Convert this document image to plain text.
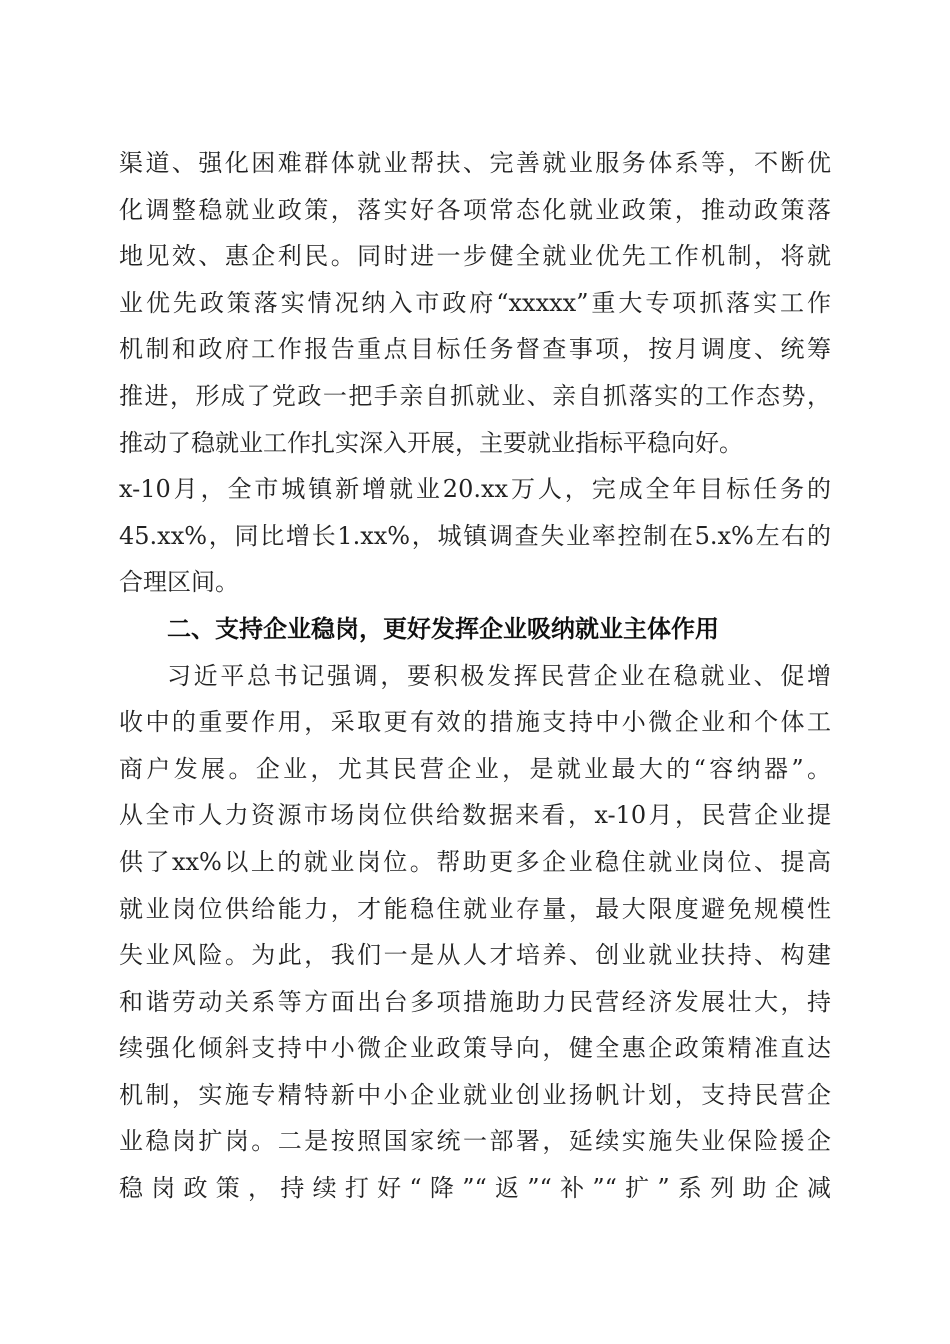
渠道、强化困难群体就业帮扶、完善就业服务体系等，不断优
化调整稳就业政策，落实好各项常态化就业政策，推动政策落
地见效、惠企利民。同时进一步健全就业优先工作机制，将就
业优先政策落实情况纳入市政府“xxxxx”重大专项抓落实工作
机制和政府工作报告重点目标任务督查事项，按月调度、统筹
推进，形成了党政一把手亲自抓就业、亲自抓落实的工作态势，
推动了稳就业工作扎实深入开展，主要就业指标平稳向好。
x-10月，全市城镇新增就业20.xx万人，完成全年目标任务的
45.xx%，同比增长1.xx%，城镇调查失业率控制在5.x%左右的
合理区间。
二、支持企业稳岗，更好发挥企业吸纳就业主体作用
习近平总书记强调，要积极发挥民营企业在稳就业、促增
收中的重要作用，采取更有效的措施支持中小微企业和个体工
商户发展。企业，尤其民营企业，是就业最大的“容纳器”。
从全市人力资源市场岗位供给数据来看，x-10月，民营企业提
供了xx%以上的就业岗位。帮助更多企业稳住就业岗位、提高
就业岗位供给能力，才能稳住就业存量，最大限度避免规模性
失业风险。为此，我们一是从人才培养、创业就业扶持、构建
和谐劳动关系等方面出台多项措施助力民营经济发展壮大，持
续强化倾斜支持中小微企业政策导向，健全惠企政策精准直达
机制，实施专精特新中小企业就业创业扬帆计划，支持民营企
业稳岗扩岗。二是按照国家统一部署，延续实施失业保险援企
稳岗政策，持续打好“降”“返”“补”“扩”系列助企减
